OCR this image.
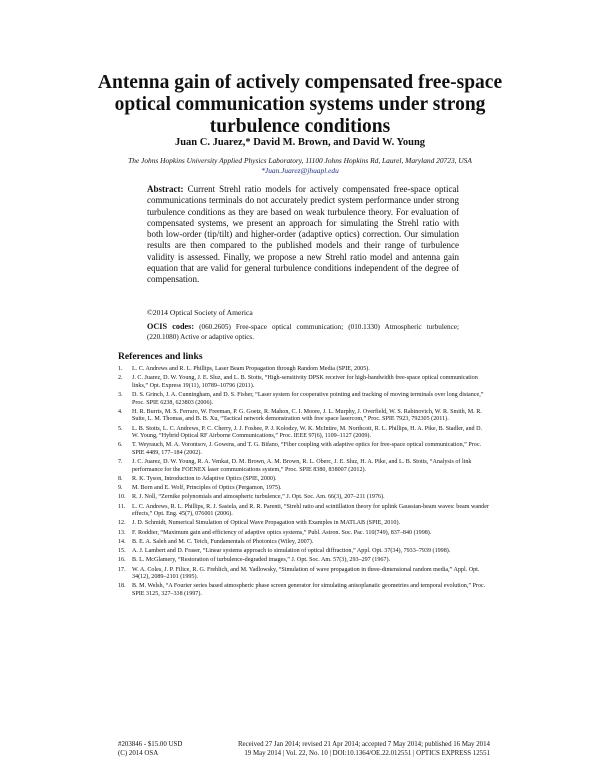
Antenna gain of actively compensated free-space optical communication systems under strong turbulence conditions
Juan C. Juarez,* David M. Brown, and David W. Young
The Johns Hopkins University Applied Physics Laboratory, 11100 Johns Hopkins Rd, Laurel, Maryland 20723, USA
*Juan.Juarez@jhuapl.edu
Abstract: Current Strehl ratio models for actively compensated free-space optical communications terminals do not accurately predict system performance under strong turbulence conditions as they are based on weak turbulence theory. For evaluation of compensated systems, we present an approach for simulating the Strehl ratio with both low-order (tip/tilt) and higher-order (adaptive optics) correction. Our simulation results are then compared to the published models and their range of turbulence validity is assessed. Finally, we propose a new Strehl ratio model and antenna gain equation that are valid for general turbulence conditions independent of the degree of compensation.
©2014 Optical Society of America
OCIS codes: (060.2605) Free-space optical communication; (010.1330) Atmospheric turbulence; (220.1080) Active or adaptive optics.
References and links
1.	L. C. Andrews and R. L. Phillips, Laser Beam Propagation through Random Media (SPIE, 2005).
2.	J. C. Juarez, D. W. Young, J. E. Sluz, and L. B. Stotts, “High-sensitivity DPSK receiver for high-bandwidth free-space optical communication links,” Opt. Express 19(11), 10789–10796 (2011).
3.	D. S. Grinch, J. A. Cunningham, and D. S. Fisher, “Laser system for cooperative pointing and tracking of moving terminals over long distance,” Proc. SPIE 6238, 623803 (2006).
4.	H. R. Burris, M. S. Ferraro, W. Freeman, P. G. Goetz, R. Mahon, C. I. Moore, J. L. Murphy, J. Overfield, W. S. Rabinovich, W. R. Smith, M. R. Suite, L. M. Thomas, and B. B. Xu, “Tactical network demonstration with free space lasercom,” Proc. SPIE 7923, 792305 (2011).
5.	L. B. Stotts, L. C. Andrews, P. C. Cherry, J. J. Foshee, P. J. Kolodzy, W. K. McIntire, M. Northcott, R. L. Phillips, H. A. Pike, B. Stadler, and D. W. Young, “Hybrid Optical RF Airborne Communications,” Proc. IEEE 97(6), 1109–1127 (2009).
6.	T. Weyrauch, M. A. Vorontsov, J. Gowens, and T. G. Bifano, “Fiber coupling with adaptive optics for free-space optical communication,” Proc. SPIE 4489, 177–184 (2002).
7.	J. C. Juarez, D. W. Young, R. A. Venkat, D. M. Brown, A. M. Brown, R. L. Oberc, J. E. Sluz, H. A. Pike, and L. B. Stotts, “Analysis of link performance for the FOENEX laser communications system,” Proc. SPIE 8380, 838007 (2012).
8.	R. K. Tyson, Introduction to Adaptive Optics (SPIE, 2000).
9.	M. Born and E. Wolf, Principles of Optics (Pergamon, 1975).
10.	R. J. Noll, “Zernike polynomials and atmospheric turbulence,” J. Opt. Soc. Am. 66(3), 207–211 (1976).
11.	L. C. Andrews, R. L. Phillips, R. J. Sasiela, and R. R. Parenti, “Strehl ratio and scintillation theory for uplink Gaussian-beam waves: beam wander effects,” Opt. Eng. 45(7), 076001 (2006).
12.	J. D. Schmidt, Numerical Simulation of Optical Wave Propagation with Examples in MATLAB (SPIE, 2010).
13.	F. Roddier, “Maximum gain and efficiency of adaptive optics systems,” Publ. Astron. Soc. Pac. 110(749), 837–840 (1998).
14.	B. E. A. Saleh and M. C. Teich, Fundamentals of Photonics (Wiley, 2007).
15.	A. J. Lambert and D. Fraser, “Linear systems approach to simulation of optical diffraction,” Appl. Opt. 37(34), 7933–7939 (1998).
16.	B. L. McGlamery, “Restoration of turbulence-degraded images,” J. Opt. Soc. Am. 57(3), 293–297 (1967).
17.	W. A. Coles, J. P. Filice, R. G. Frehlich, and M. Yadlowsky, “Simulation of wave propagation in three-dimensional random media,” Appl. Opt. 34(12), 2089–2101 (1995).
18.	B. M. Welsh, “A Fourier series based atmospheric phase screen generator for simulating anisoplanatic geometries and temporal evolution,” Proc. SPIE 3125, 327–338 (1997).
#203846 - $15.00 USD	Received 27 Jan 2014; revised 21 Apr 2014; accepted 7 May 2014; published 16 May 2014
(C) 2014 OSA	19 May 2014 | Vol. 22, No. 10 | DOI:10.1364/OE.22.012551 | OPTICS EXPRESS 12551
